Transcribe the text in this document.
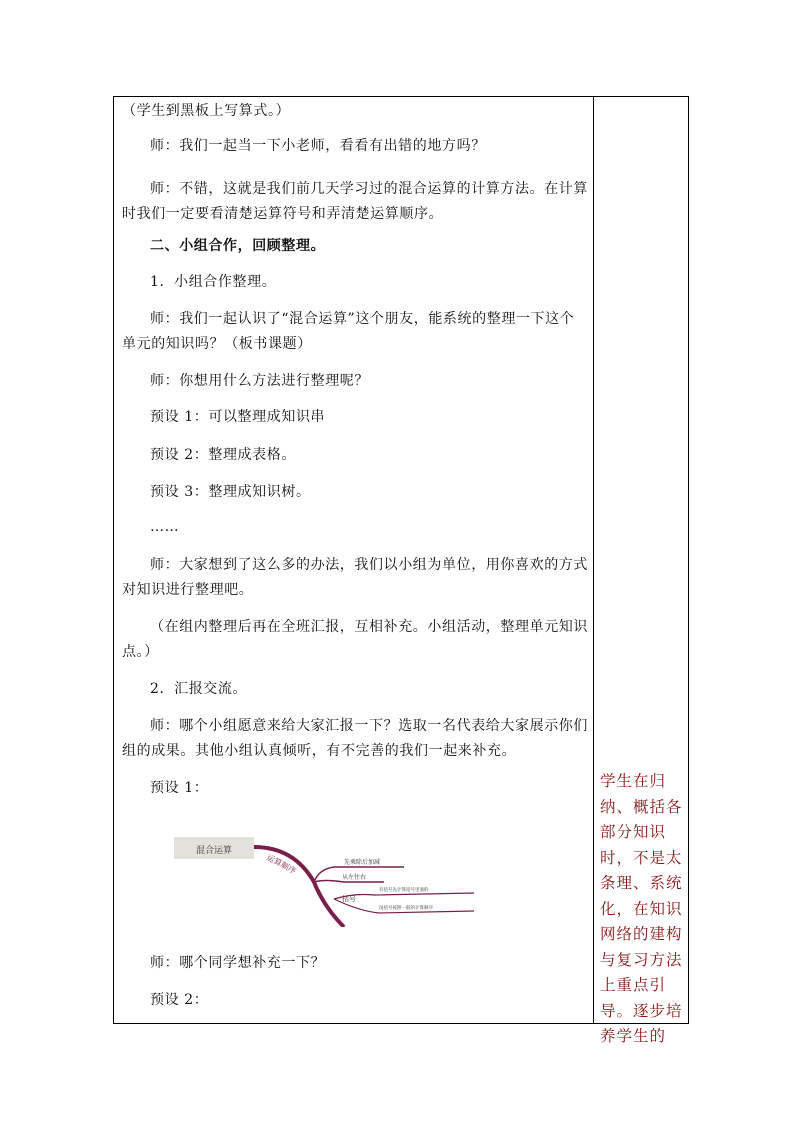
（学生到黑板上写算式。）
师：我们一起当一下小老师，看看有出错的地方吗？
师：不错，这就是我们前几天学习过的混合运算的计算方法。在计算时我们一定要看清楚运算符号和弄清楚运算顺序。
二、小组合作，回顾整理。
1．小组合作整理。
师：我们一起认识了“混合运算”这个朋友，能系统的整理一下这个单元的知识吗？（板书课题）
师：你想用什么方法进行整理呢？
预设 1：可以整理成知识串
预设 2：整理成表格。
预设 3：整理成知识树。
……
师：大家想到了这么多的办法，我们以小组为单位，用你喜欢的方式对知识进行整理吧。
（在组内整理后再在全班汇报，互相补充。小组活动，整理单元知识点。）
2．汇报交流。
师：哪个小组愿意来给大家汇报一下？选取一名代表给大家展示你们组的成果。其他小组认真倾听，有不完善的我们一起来补充。
预设 1：
混合运算
运算顺序	先乘除后加减
从左往右
括号
有括号先计算括号里面的
没括号按照一般的计算顺序
师：哪个同学想补充一下？
预设 2：
学生在归纳、概括各部分知识时，不是太条理、系统化，在知识网络的建构与复习方法上重点引导。逐步培养学生的
